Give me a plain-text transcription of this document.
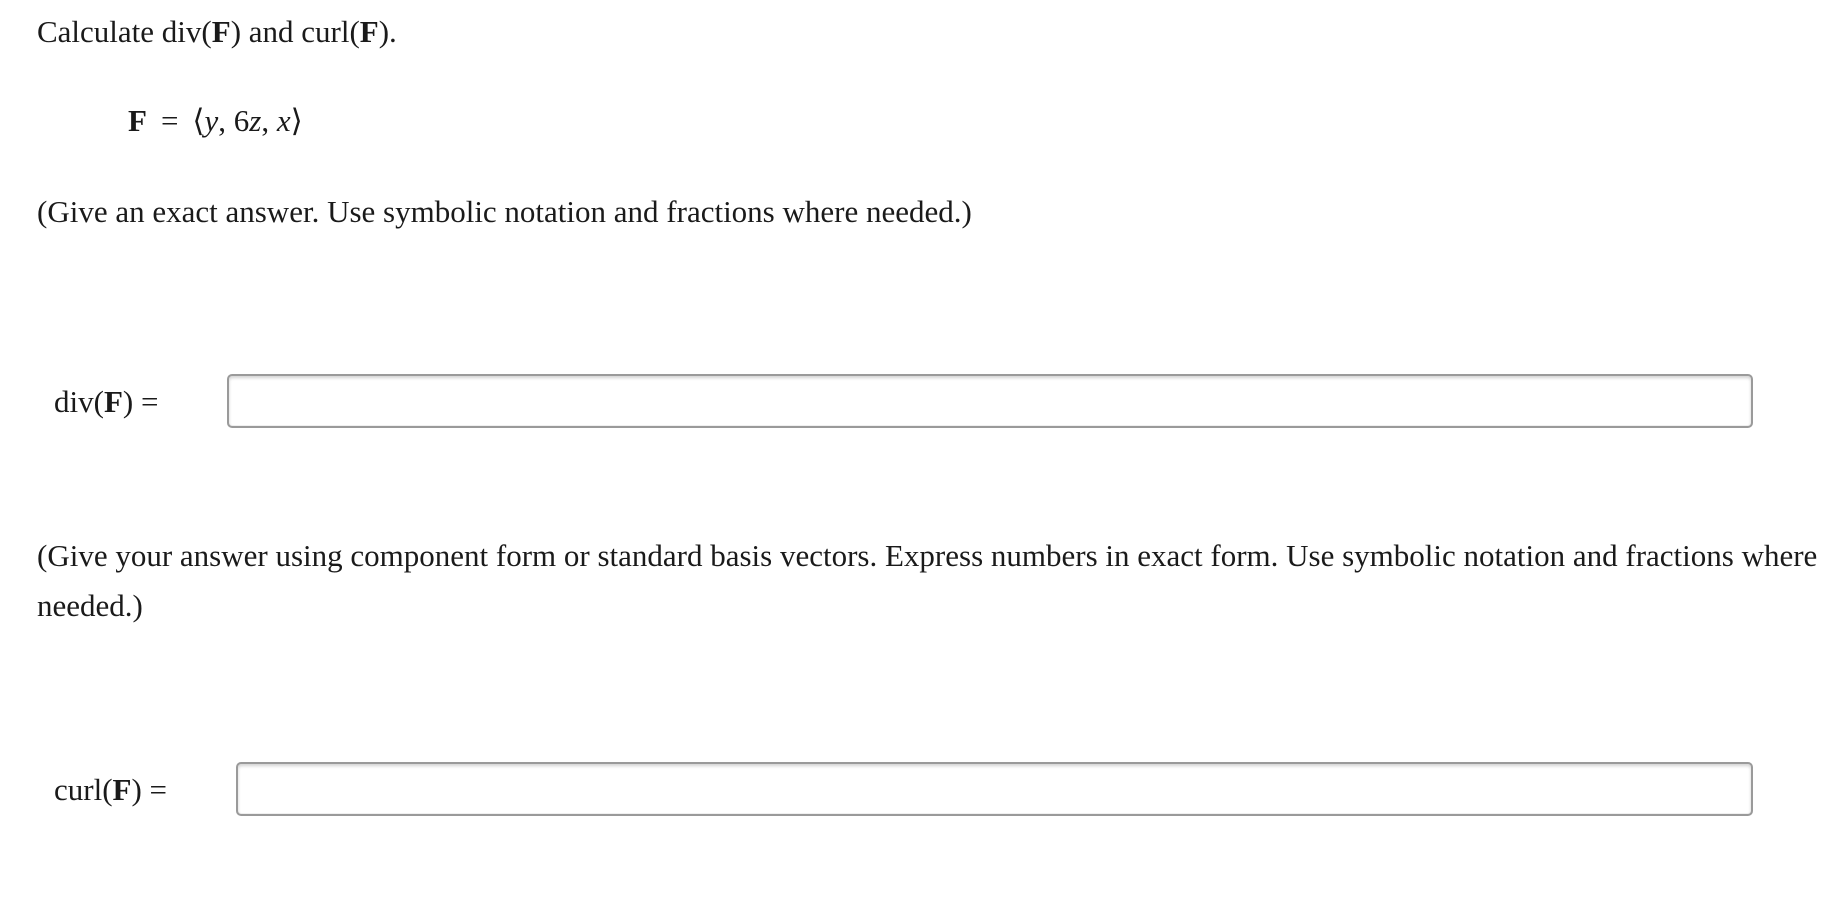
Calculate div(F) and curl(F).
F = ⟨y, 6z, x⟩
(Give an exact answer. Use symbolic notation and fractions where needed.)
div(F) =
(Give your answer using component form or standard basis vectors. Express numbers in exact form. Use symbolic notation and fractions where needed.)
curl(F) =
